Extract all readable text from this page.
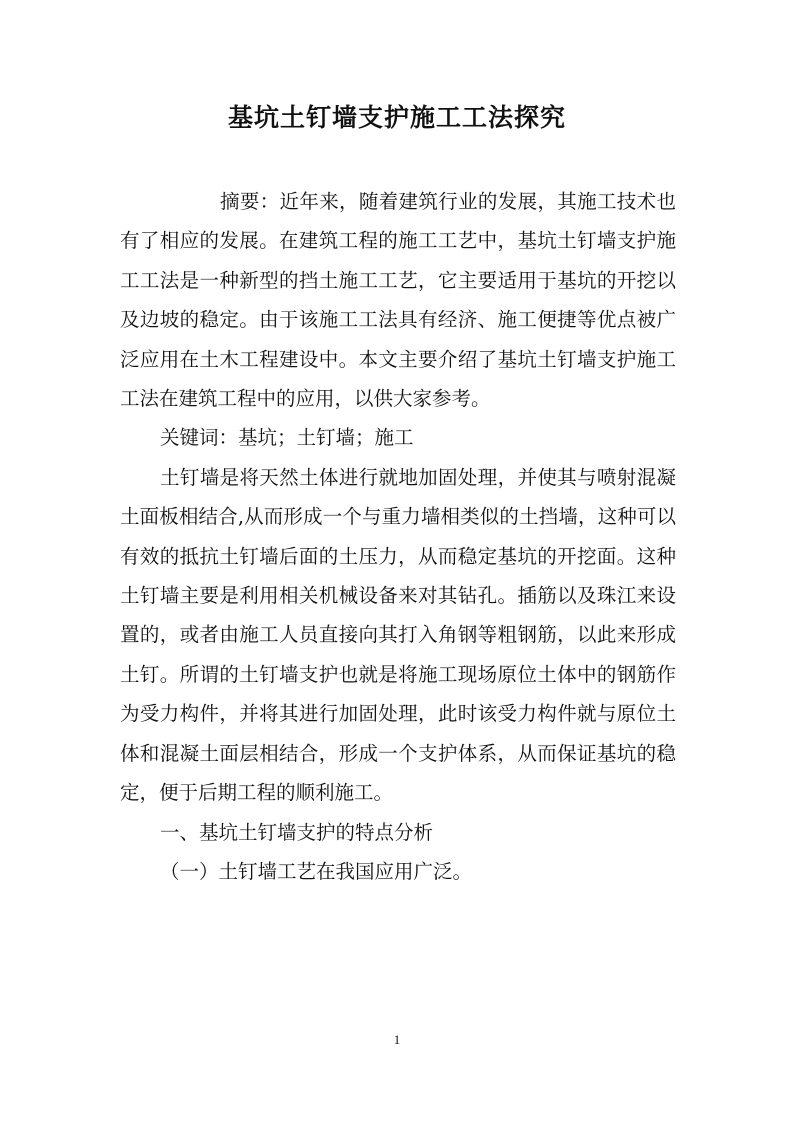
基坑土钉墙支护施工工法探究

摘要：近年来，随着建筑行业的发展，其施工技术也有了相应的发展。在建筑工程的施工工艺中，基坑土钉墙支护施工工法是一种新型的挡土施工工艺，它主要适用于基坑的开挖以及边坡的稳定。由于该施工工法具有经济、施工便捷等优点被广泛应用在土木工程建设中。本文主要介绍了基坑土钉墙支护施工工法在建筑工程中的应用，以供大家参考。

关键词：基坑；土钉墙；施工

土钉墙是将天然土体进行就地加固处理，并使其与喷射混凝土面板相结合,从而形成一个与重力墙相类似的土挡墙，这种可以有效的抵抗土钉墙后面的土压力，从而稳定基坑的开挖面。这种土钉墙主要是利用相关机械设备来对其钻孔。插筋以及珠江来设置的，或者由施工人员直接向其打入角钢等粗钢筋，以此来形成土钉。所谓的土钉墙支护也就是将施工现场原位土体中的钢筋作为受力构件，并将其进行加固处理，此时该受力构件就与原位土体和混凝土面层相结合，形成一个支护体系，从而保证基坑的稳定，便于后期工程的顺利施工。

一、基坑土钉墙支护的特点分析

（一）土钉墙工艺在我国应用广泛。

1
